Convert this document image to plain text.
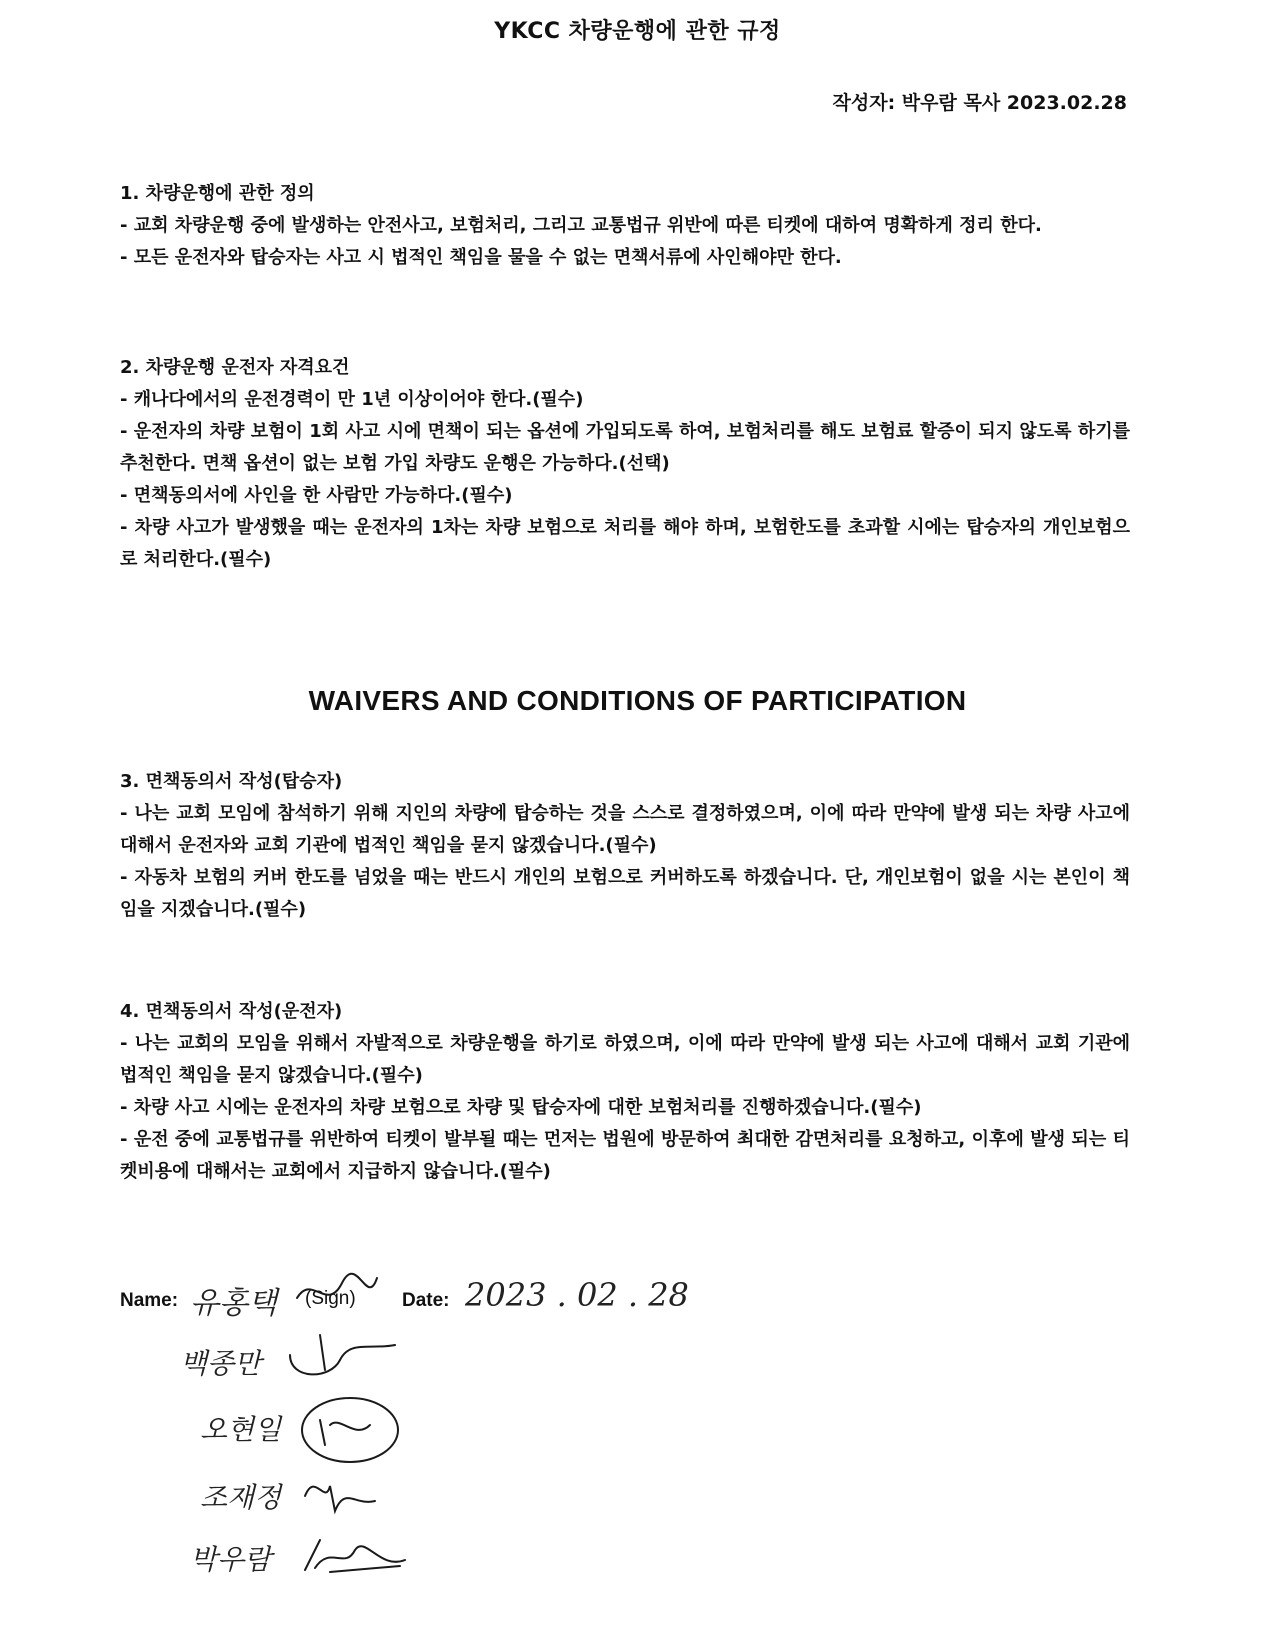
YKCC 차량운행에 관한 규정
작성자: 박우람 목사 2023.02.28

1. 차량운행에 관한 정의

- 교회 차량운행 중에 발생하는 안전사고, 보험처리, 그리고 교통법규 위반에 따른 티켓에 대하여 명확하게 정리 한다.

- 모든 운전자와 탑승자는 사고 시 법적인 책임을 물을 수 없는 면책서류에 사인해야만 한다.

2. 차량운행 운전자 자격요건

- 캐나다에서의 운전경력이 만 1년 이상이어야 한다.(필수)

- 운전자의 차량 보험이 1회 사고 시에 면책이 되는 옵션에 가입되도록 하여, 보험처리를 해도 보험료 할증이 되지 않도록 하기를 추천한다. 면책 옵션이 없는 보험 가입 차량도 운행은 가능하다.(선택)

- 면책동의서에 사인을 한 사람만 가능하다.(필수)

- 차량 사고가 발생했을 때는 운전자의 1차는 차량 보험으로 처리를 해야 하며, 보험한도를 초과할 시에는 탑승자의 개인보험으로 처리한다.(필수)

WAIVERS AND CONDITIONS OF PARTICIPATION

3. 면책동의서 작성(탑승자)

- 나는 교회 모임에 참석하기 위해 지인의 차량에 탑승하는 것을 스스로 결정하였으며, 이에 따라 만약에 발생 되는 차량 사고에 대해서 운전자와 교회 기관에 법적인 책임을 묻지 않겠습니다.(필수)

- 자동차 보험의 커버 한도를 넘었을 때는 반드시 개인의 보험으로 커버하도록 하겠습니다. 단, 개인보험이 없을 시는 본인이 책임을 지겠습니다.(필수)

4. 면책동의서 작성(운전자)

- 나는 교회의 모임을 위해서 자발적으로 차량운행을 하기로 하였으며, 이에 따라 만약에 발생 되는 사고에 대해서 교회 기관에 법적인 책임을 묻지 않겠습니다.(필수)

- 차량 사고 시에는 운전자의 차량 보험으로 차량 및 탑승자에 대한 보험처리를 진행하겠습니다.(필수)

- 운전 중에 교통법규를 위반하여 티켓이 발부될 때는 먼저는 법원에 방문하여 최대한 감면처리를 요청하고, 이후에 발생 되는 티켓비용에 대해서는 교회에서 지급하지 않습니다.(필수)

Name: 유홍택 (Sign) Date: 2023 . 02 . 28
백종만
오현일
조재정
박우람
